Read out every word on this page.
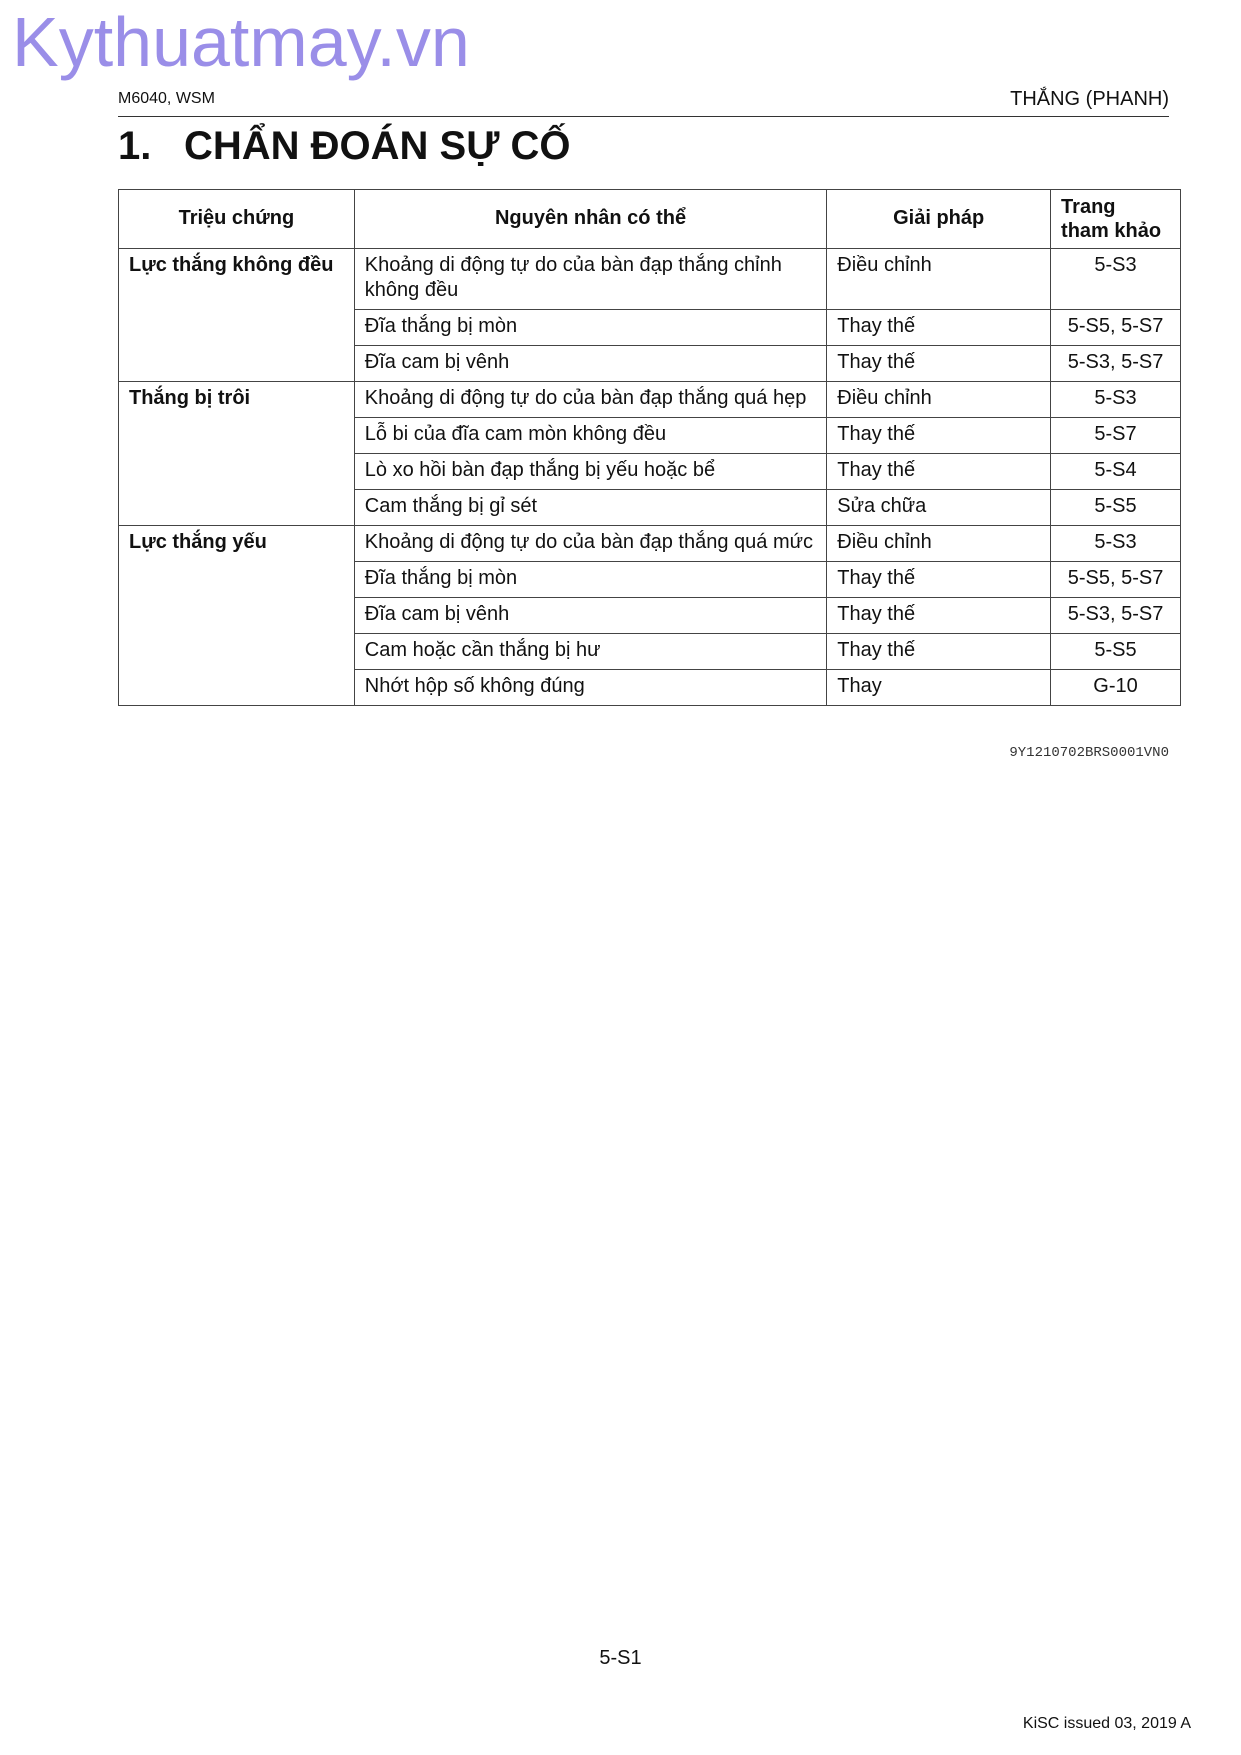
Kythuatmay.vn
M6040, WSM	THẮNG (PHANH)
1. CHẨN ĐOÁN SỰ CỐ
Triệu chứng	Nguyên nhân có thể	Giải pháp	Trang
tham khảo
Lực thắng không đều	Khoảng di động tự do của bàn đạp thắng chỉnh không đều	Điều chỉnh	5-S3
	Đĩa thắng bị mòn	Thay thế	5-S5, 5-S7
	Đĩa cam bị vênh	Thay thế	5-S3, 5-S7
Thắng bị trôi	Khoảng di động tự do của bàn đạp thắng quá hẹp	Điều chỉnh	5-S3
	Lỗ bi của đĩa cam mòn không đều	Thay thế	5-S7
	Lò xo hồi bàn đạp thắng bị yếu hoặc bể	Thay thế	5-S4
	Cam thắng bị gỉ sét	Sửa chữa	5-S5
Lực thắng yếu	Khoảng di động tự do của bàn đạp thắng quá mức	Điều chỉnh	5-S3
	Đĩa thắng bị mòn	Thay thế	5-S5, 5-S7
	Đĩa cam bị vênh	Thay thế	5-S3, 5-S7
	Cam hoặc cần thắng bị hư	Thay thế	5-S5
	Nhớt hộp số không đúng	Thay	G-10
9Y1210702BRS0001VN0
5-S1
KiSC issued 03, 2019 A
